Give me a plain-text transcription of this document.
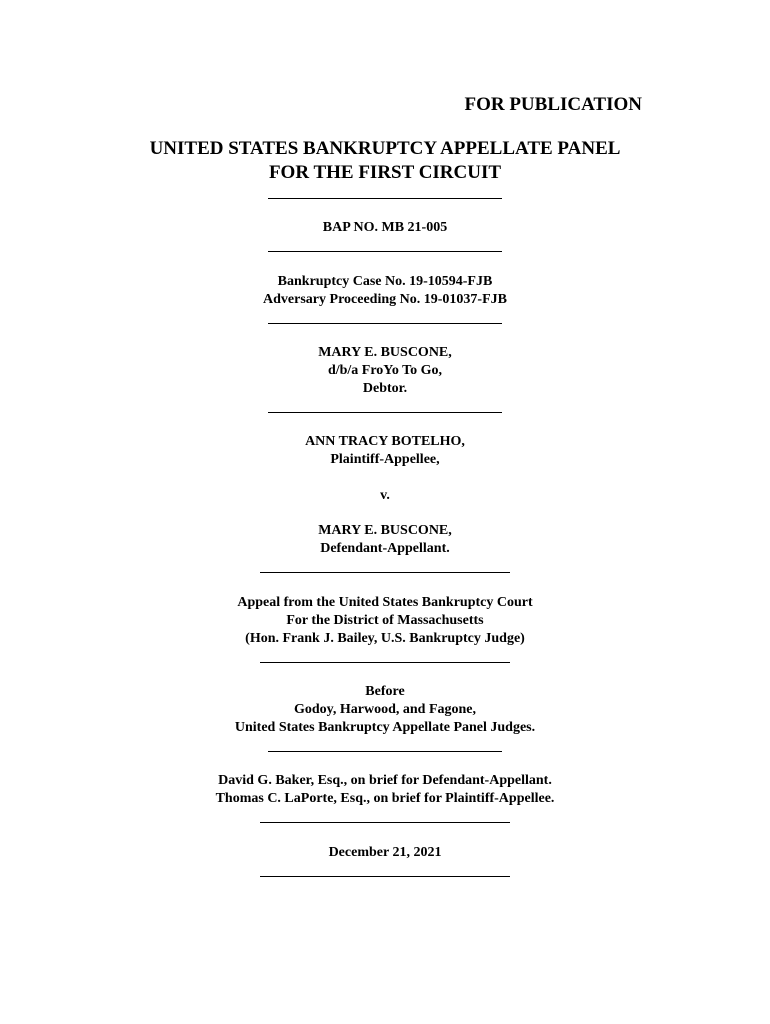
FOR PUBLICATION
UNITED STATES BANKRUPTCY APPELLATE PANEL
FOR THE FIRST CIRCUIT
BAP NO. MB 21-005
Bankruptcy Case No. 19-10594-FJB
Adversary Proceeding No. 19-01037-FJB
MARY E. BUSCONE,
d/b/a FroYo To Go,
Debtor.
ANN TRACY BOTELHO,
Plaintiff-Appellee,
v.
MARY E. BUSCONE,
Defendant-Appellant.
Appeal from the United States Bankruptcy Court
For the District of Massachusetts
(Hon. Frank J. Bailey, U.S. Bankruptcy Judge)
Before
Godoy, Harwood, and Fagone,
United States Bankruptcy Appellate Panel Judges.
David G. Baker, Esq., on brief for Defendant-Appellant.
Thomas C. LaPorte, Esq., on brief for Plaintiff-Appellee.
December 21, 2021
